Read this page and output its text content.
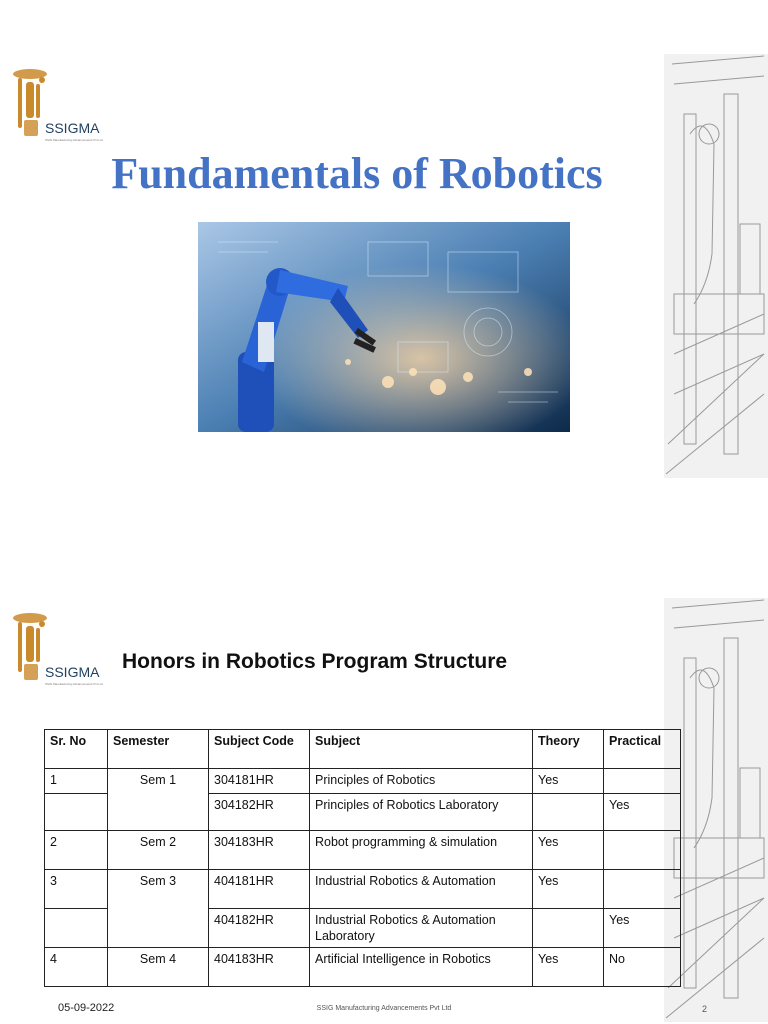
SSIGMA
SSIG Manufacturing Advancements Pvt Ltd
Fundamentals of Robotics
SSIGMA
SSIG Manufacturing Advancements Pvt Ltd
Honors in Robotics Program Structure
Sr. No	Semester	Subject Code	Subject	Theory	Practical
1	Sem 1	304181HR	Principles of Robotics	Yes	
		304182HR	Principles of Robotics Laboratory		Yes
2	Sem 2	304183HR	Robot programming & simulation	Yes	
3	Sem 3	404181HR	Industrial Robotics & Automation	Yes	
		404182HR	Industrial Robotics & Automation Laboratory		Yes
4	Sem 4	404183HR	Artificial Intelligence in Robotics	Yes	No
05-09-2022	SSIG Manufacturing Advancements Pvt Ltd	2
